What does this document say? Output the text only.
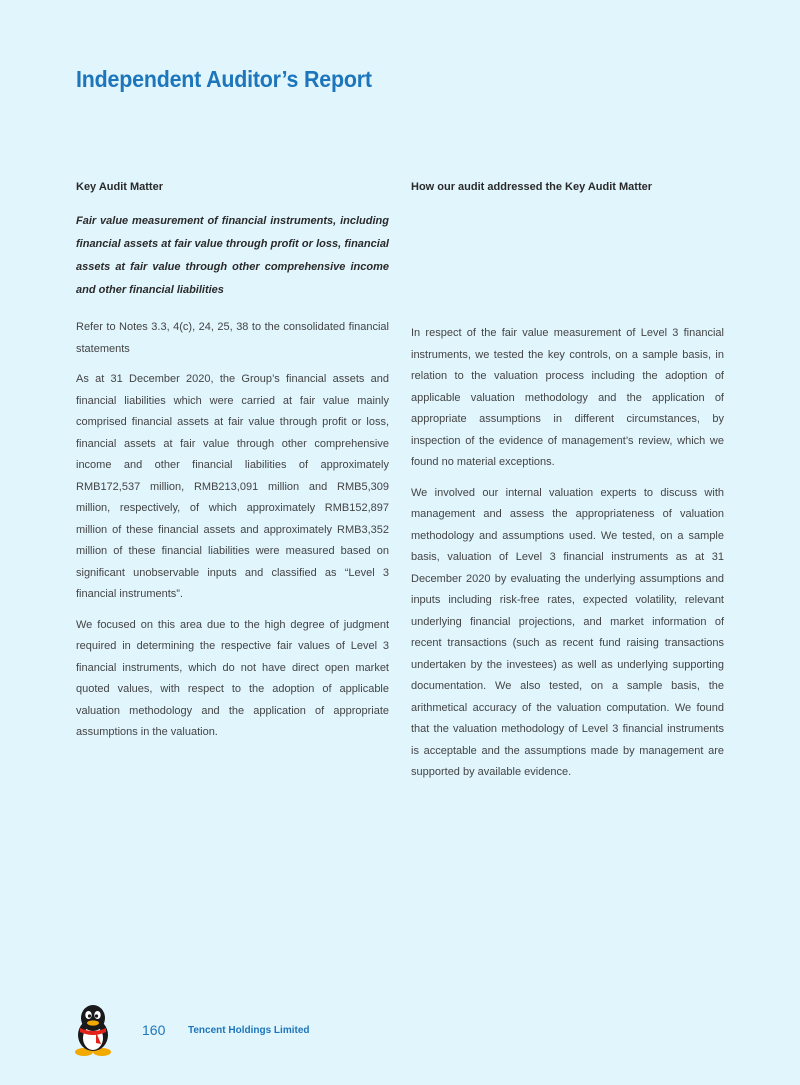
Independent Auditor’s Report
Key Audit Matter
Fair value measurement of financial instruments, including financial assets at fair value through profit or loss, financial assets at fair value through other comprehensive income and other financial liabilities

Refer to Notes 3.3, 4(c), 24, 25, 38 to the consolidated financial statements

As at 31 December 2020, the Group’s financial assets and financial liabilities which were carried at fair value mainly comprised financial assets at fair value through profit or loss, financial assets at fair value through other comprehensive income and other financial liabilities of approximately RMB172,537 million, RMB213,091 million and RMB5,309 million, respectively, of which approximately RMB152,897 million of these financial assets and approximately RMB3,352 million of these financial liabilities were measured based on significant unobservable inputs and classified as “Level 3 financial instruments”.

We focused on this area due to the high degree of judgment required in determining the respective fair values of Level 3 financial instruments, which do not have direct open market quoted values, with respect to the adoption of applicable valuation methodology and the application of appropriate assumptions in the valuation.

How our audit addressed the Key Audit Matter

In respect of the fair value measurement of Level 3 financial instruments, we tested the key controls, on a sample basis, in relation to the valuation process including the adoption of applicable valuation methodology and the application of appropriate assumptions in different circumstances, by inspection of the evidence of management’s review, which we found no material exceptions.

We involved our internal valuation experts to discuss with management and assess the appropriateness of valuation methodology and assumptions used. We tested, on a sample basis, valuation of Level 3 financial instruments as at 31 December 2020 by evaluating the underlying assumptions and inputs including risk-free rates, expected volatility, relevant underlying financial projections, and market information of recent transactions (such as recent fund raising transactions undertaken by the investees) as well as underlying supporting documentation. We also tested, on a sample basis, the arithmetical accuracy of the valuation computation. We found that the valuation methodology of Level 3 financial instruments is acceptable and the assumptions made by management are supported by available evidence.

160 Tencent Holdings Limited
